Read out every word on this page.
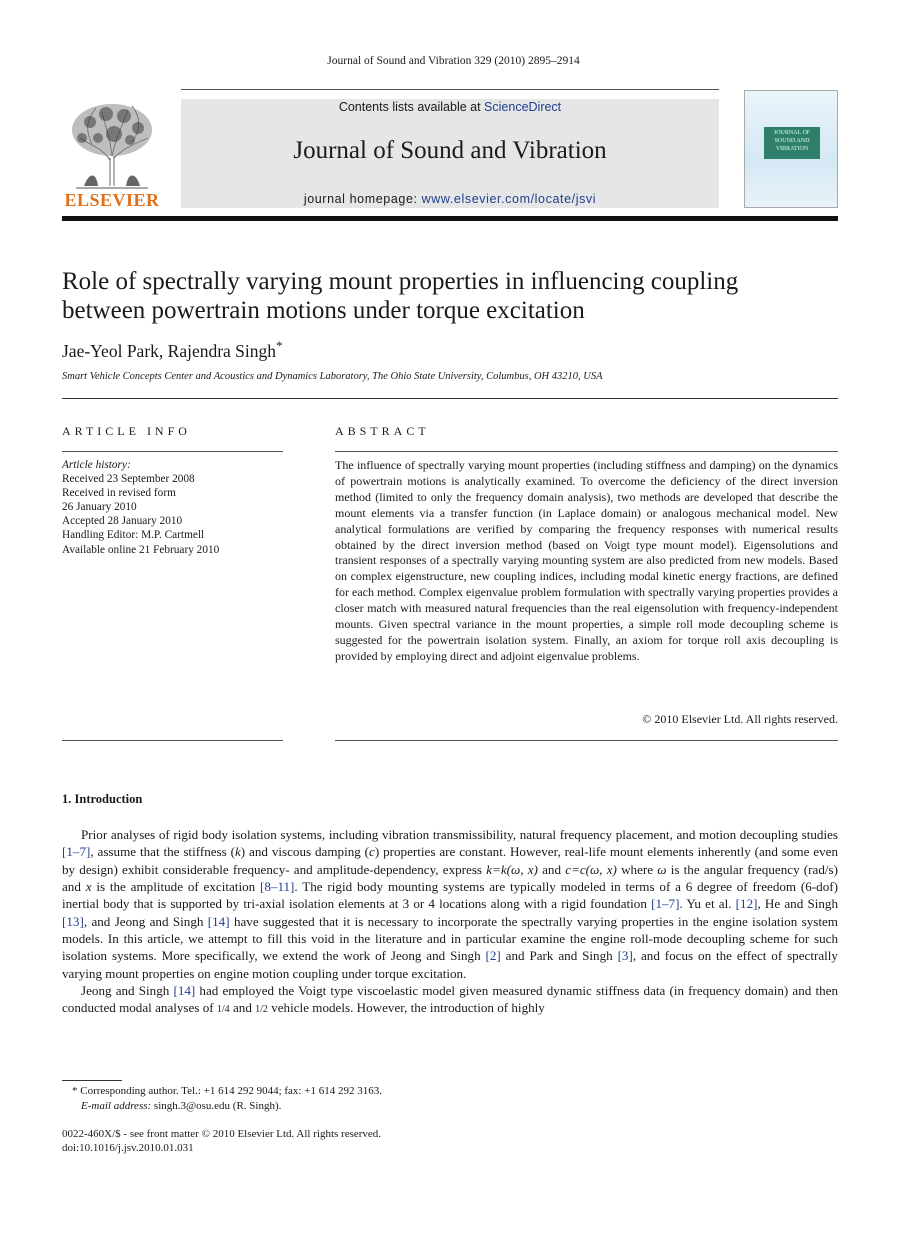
Journal of Sound and Vibration 329 (2010) 2895–2914
ELSEVIER
Contents lists available at ScienceDirect
Journal of Sound and Vibration
journal homepage: www.elsevier.com/locate/jsvi
JOURNAL OF SOUND AND VIBRATION
Role of spectrally varying mount properties in influencing coupling
between powertrain motions under torque excitation
Jae-Yeol Park, Rajendra Singh*
Smart Vehicle Concepts Center and Acoustics and Dynamics Laboratory, The Ohio State University, Columbus, OH 43210, USA
ARTICLE INFO	ABSTRACT
Article history:
Received 23 September 2008
Received in revised form
26 January 2010
Accepted 28 January 2010
Handling Editor: M.P. Cartmell
Available online 21 February 2010
The influence of spectrally varying mount properties (including stiffness and damping) on the dynamics of powertrain motions is analytically examined. To overcome the deficiency of the direct inversion method (limited to only the frequency domain analysis), two methods are developed that describe the mount elements via a transfer function (in Laplace domain) or analogous mechanical model. New analytical formulations are verified by comparing the frequency responses with numerical results obtained by the direct inversion method (based on Voigt type mount model). Eigensolutions and transient responses of a spectrally varying mounting system are also predicted from new models. Based on complex eigenstructure, new coupling indices, including modal kinetic energy fractions, are defined for each method. Complex eigenvalue problem formulation with spectrally varying properties provides a closer match with measured natural frequencies than the real eigensolution with frequency-independent mounts. Given spectral variance in the mount properties, a simple roll mode decoupling scheme is suggested for the powertrain isolation system. Finally, an axiom for torque roll axis decoupling is provided by employing direct and adjoint eigenvalue problems.
© 2010 Elsevier Ltd. All rights reserved.
1. Introduction

Prior analyses of rigid body isolation systems, including vibration transmissibility, natural frequency placement, and motion decoupling studies [1–7], assume that the stiffness (k) and viscous damping (c) properties are constant. However, real-life mount elements inherently (and some even by design) exhibit considerable frequency- and amplitude-dependency, express k=k(ω, x) and c=c(ω, x) where ω is the angular frequency (rad/s) and x is the amplitude of excitation [8–11]. The rigid body mounting systems are typically modeled in terms of a 6 degree of freedom (6-dof) inertial body that is supported by tri-axial isolation elements at 3 or 4 locations along with a rigid foundation [1–7]. Yu et al. [12], He and Singh [13], and Jeong and Singh [14] have suggested that it is necessary to incorporate the spectrally varying properties in the engine isolation system models. In this article, we attempt to fill this void in the literature and in particular examine the engine roll-mode decoupling scheme for such isolation systems. More specifically, we extend the work of Jeong and Singh [2] and Park and Singh [3], and focus on the effect of spectrally varying mount properties on engine motion coupling under torque excitation.

Jeong and Singh [14] had employed the Voigt type viscoelastic model given measured dynamic stiffness data (in frequency domain) and then conducted modal analyses of 1/4 and 1/2 vehicle models. However, the introduction of highly

* Corresponding author. Tel.: +1 614 292 9044; fax: +1 614 292 3163.
E-mail address: singh.3@osu.edu (R. Singh).
0022-460X/$ - see front matter © 2010 Elsevier Ltd. All rights reserved.
doi:10.1016/j.jsv.2010.01.031
